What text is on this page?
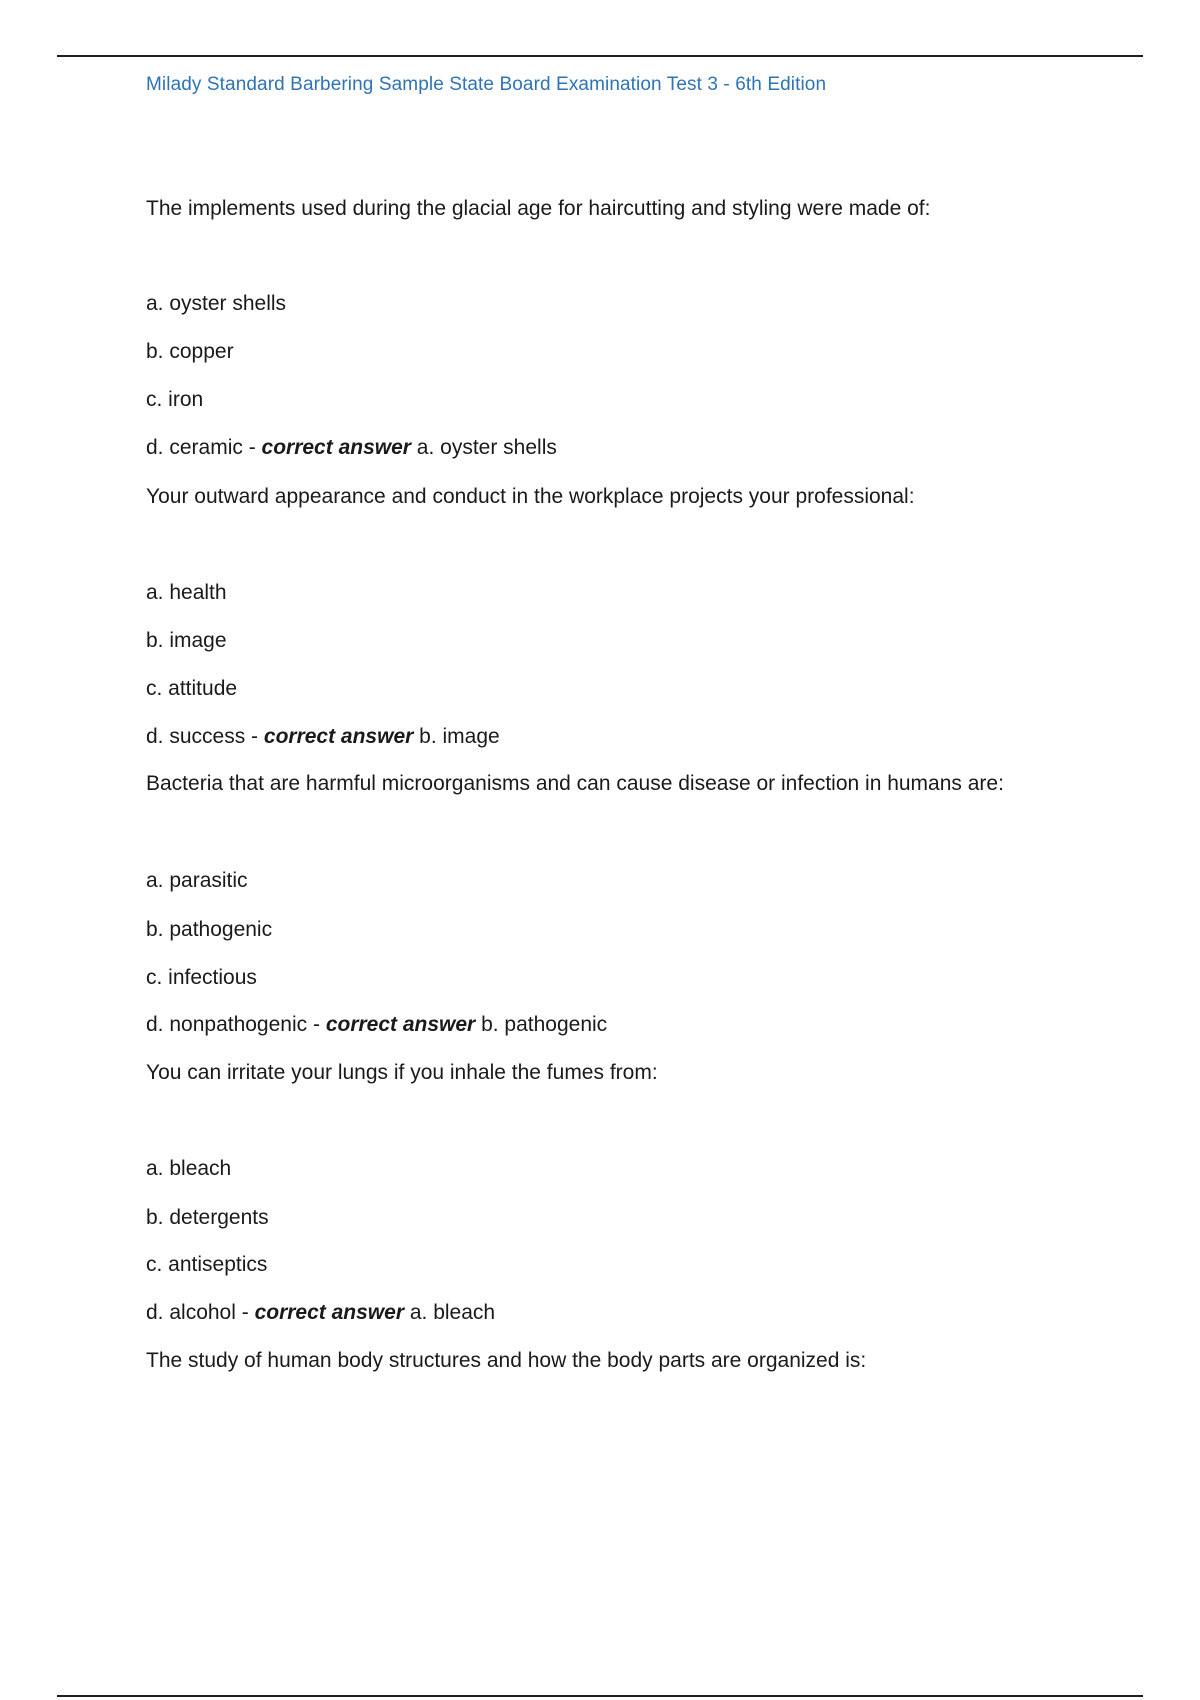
Milady Standard Barbering Sample State Board Examination Test 3 - 6th Edition
The implements used during the glacial age for haircutting and styling were made of:
a. oyster shells
b. copper
c. iron
d. ceramic - correct answer a. oyster shells
Your outward appearance and conduct in the workplace projects your professional:
a. health
b. image
c. attitude
d. success - correct answer b. image
Bacteria that are harmful microorganisms and can cause disease or infection in humans are:
a. parasitic
b. pathogenic
c. infectious
d. nonpathogenic - correct answer b. pathogenic
You can irritate your lungs if you inhale the fumes from:
a. bleach
b. detergents
c. antiseptics
d. alcohol - correct answer a. bleach
The study of human body structures and how the body parts are organized is:
